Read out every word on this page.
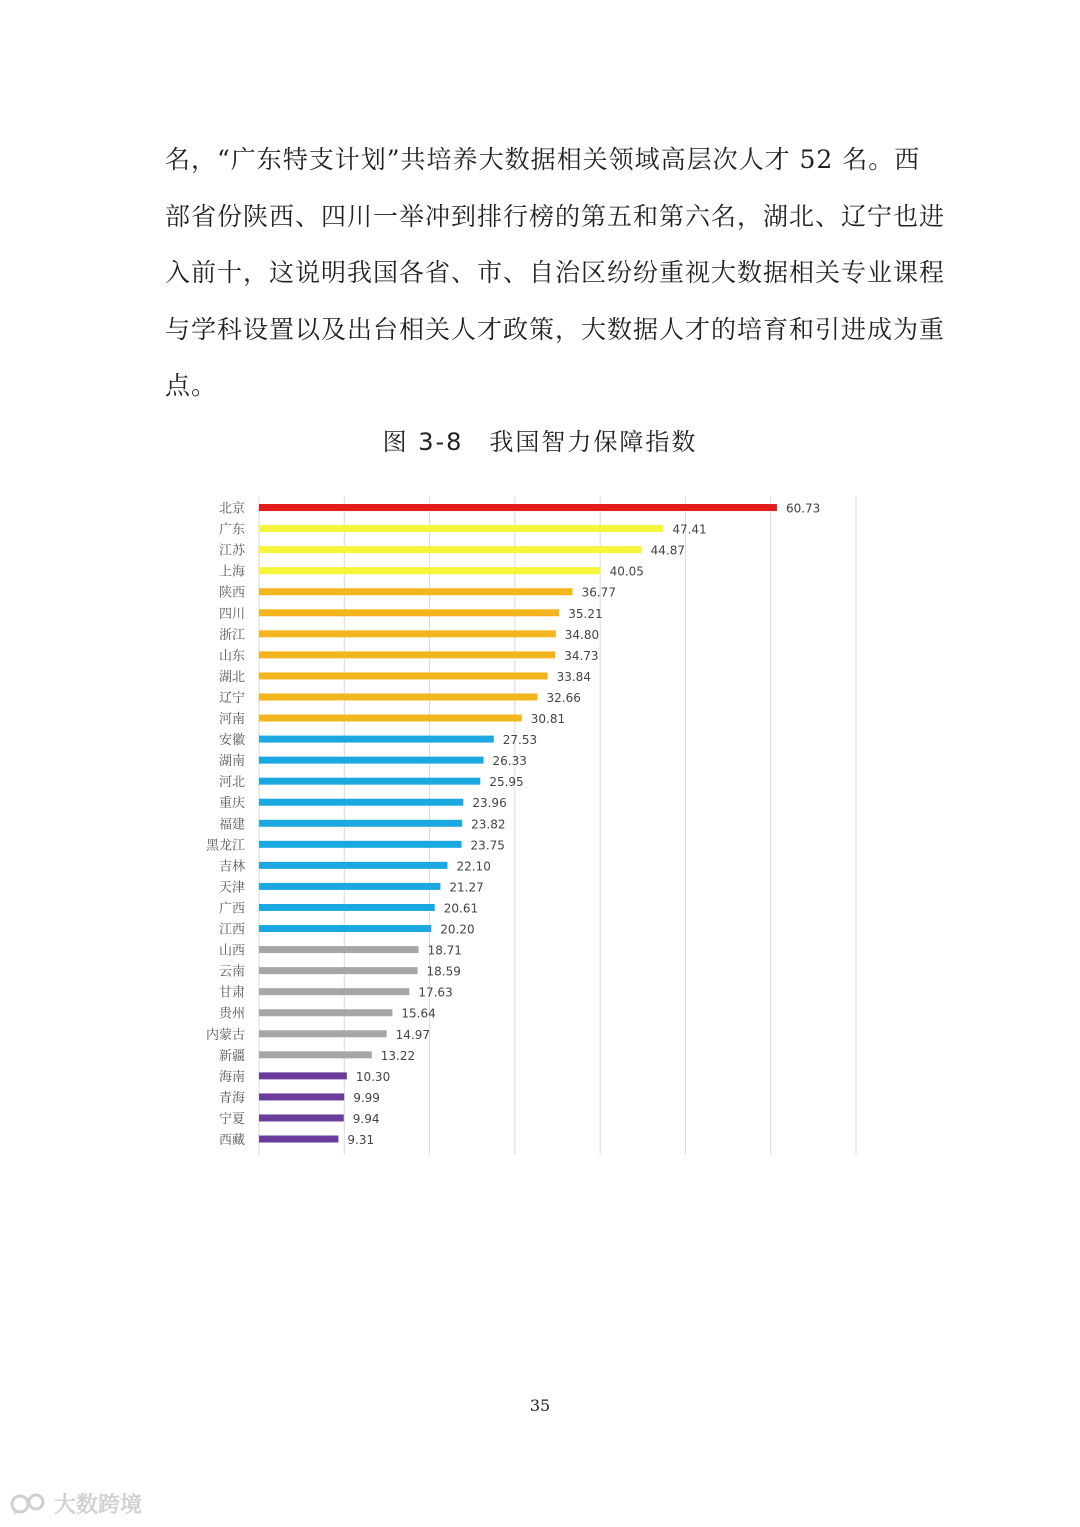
名，“广东特支计划”共培养大数据相关领域高层次人才 52 名。西
部省份陕西、四川一举冲到排行榜的第五和第六名，湖北、辽宁也进
入前十，这说明我国各省、市、自治区纷纷重视大数据相关专业课程
与学科设置以及出台相关人才政策，大数据人才的培育和引进成为重
点。
图 3-8　我国智力保障指数
北京	60.73
广东	47.41
江苏	44.87
上海	40.05
陕西	36.77
四川	35.21
浙江	34.80
山东	34.73
湖北	33.84
辽宁	32.66
河南	30.81
安徽	27.53
湖南	26.33
河北	25.95
重庆	23.96
福建	23.82
黑龙江	23.75
吉林	22.10
天津	21.27
广西	20.61
江西	20.20
山西	18.71
云南	18.59
甘肃	17.63
贵州	15.64
内蒙古	14.97
新疆	13.22
海南	10.30
青海	9.99
宁夏	9.94
西藏	9.31
35
大数跨境
